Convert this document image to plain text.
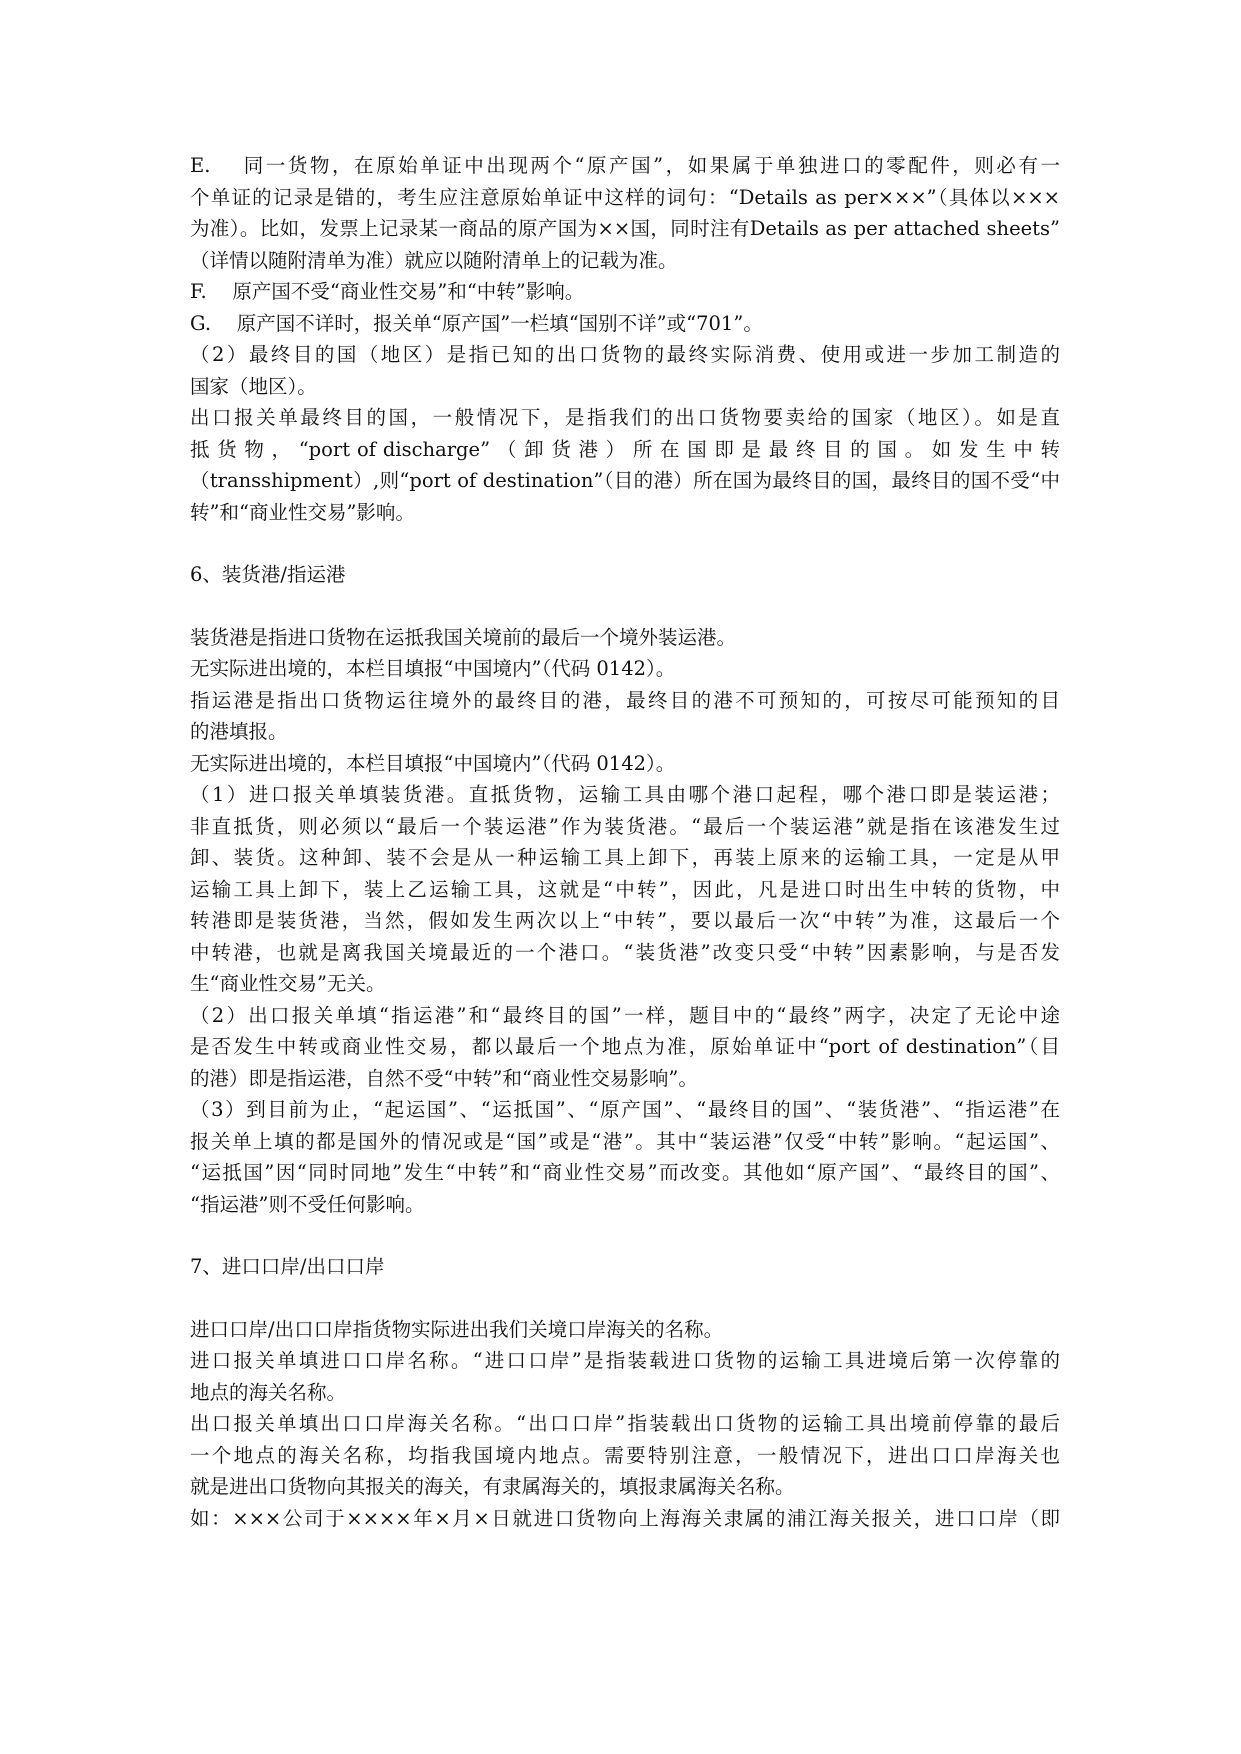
E.　 同一货物，在原始单证中出现两个“原产国”，如果属于单独进口的零配件，则必有一

个单证的记录是错的，考生应注意原始单证中这样的词句：“Details as per×××”（具体以×××

为准）。比如，发票上记录某一商品的原产国为××国，同时注有Details as per attached sheets”

（详情以随附清单为准）就应以随附清单上的记载为准。

F.　 原产国不受“商业性交易”和“中转”影响。

G.　 原产国不详时，报关单“原产国”一栏填“国别不详”或“701”。

（2）最终目的国（地区）是指已知的出口货物的最终实际消费、使用或进一步加工制造的

国家（地区）。

出口报关单最终目的国，一般情况下，是指我们的出口货物要卖给的国家（地区）。如是直

抵 货 物 ， “port of discharge” （ 卸 货 港 ） 所 在 国 即 是 最 终 目 的 国 。 如 发 生 中 转

（transshipment）,则“port of destination”（目的港）所在国为最终目的国，最终目的国不受“中

转”和“商业性交易”影响。

6、装货港/指运港

装货港是指进口货物在运抵我国关境前的最后一个境外装运港。

无实际进出境的，本栏目填报“中国境内”（代码 0142）。

指运港是指出口货物运往境外的最终目的港，最终目的港不可预知的，可按尽可能预知的目

的港填报。

无实际进出境的，本栏目填报“中国境内”（代码 0142）。

（1）进口报关单填装货港。直抵货物，运输工具由哪个港口起程，哪个港口即是装运港；

非直抵货，则必须以“最后一个装运港”作为装货港。“最后一个装运港”就是指在该港发生过

卸、装货。这种卸、装不会是从一种运输工具上卸下，再装上原来的运输工具，一定是从甲

运输工具上卸下，装上乙运输工具，这就是“中转”，因此，凡是进口时出生中转的货物，中

转港即是装货港，当然，假如发生两次以上“中转”，要以最后一次“中转”为准，这最后一个

中转港，也就是离我国关境最近的一个港口。“装货港”改变只受“中转”因素影响，与是否发

生“商业性交易”无关。

（2）出口报关单填“指运港”和“最终目的国”一样，题目中的“最终”两字，决定了无论中途

是否发生中转或商业性交易，都以最后一个地点为准，原始单证中“port of destination”（目

的港）即是指运港，自然不受“中转”和“商业性交易影响”。

（3）到目前为止，“起运国”、“运抵国”、“原产国”、“最终目的国”、“装货港”、“指运港”在

报关单上填的都是国外的情况或是“国”或是“港”。其中“装运港”仅受“中转”影响。“起运国”、

“运抵国”因“同时同地”发生“中转”和“商业性交易”而改变。其他如“原产国”、“最终目的国”、

“指运港”则不受任何影响。

7、进口口岸/出口口岸

进口口岸/出口口岸指货物实际进出我们关境口岸海关的名称。

进口报关单填进口口岸名称。“进口口岸”是指装载进口货物的运输工具进境后第一次停靠的

地点的海关名称。

出口报关单填出口口岸海关名称。“出口口岸”指装载出口货物的运输工具出境前停靠的最后

一个地点的海关名称，均指我国境内地点。需要特别注意，一般情况下，进出口口岸海关也

就是进出口货物向其报关的海关，有隶属海关的，填报隶属海关名称。

如：×××公司于××××年×月×日就进口货物向上海海关隶属的浦江海关报关，进口口岸（即
